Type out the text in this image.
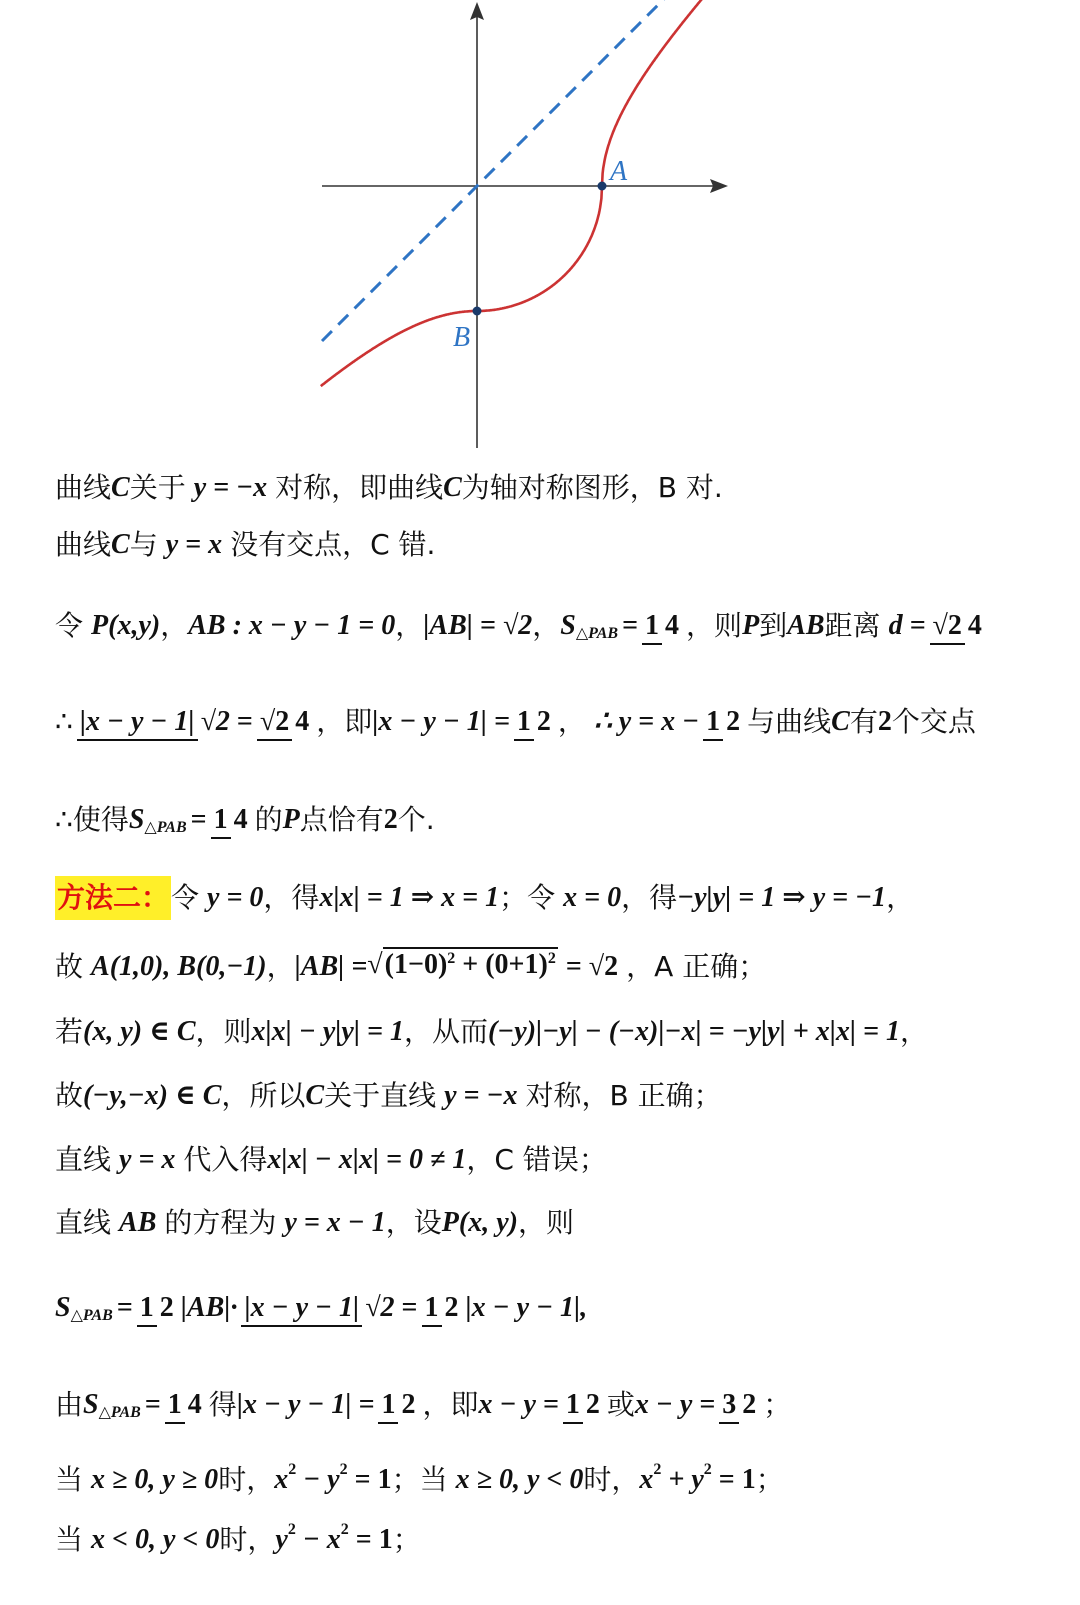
A
B
曲线 C 关于 y = −x 对称，即曲线 C 为轴对称图形，B 对.
曲线 C 与 y = x 没有交点，C 错.
令 P(x,y) ， AB : x − y − 1 = 0 ， |AB| = √2 ， S △PAB = 1 4 ，则 P 到 AB 距离 d = √2 4
∴ |x − y − 1| √2 = √2 4 ，即 |x − y − 1| = 1 2 ， ∴ y = x − 1 2 与曲线 C 有 2 个交点
∴使得 S △PAB = 1 4 的 P 点恰有 2 个.
方法二： 令 y = 0 ，得 x|x| = 1 ⇒ x = 1 ；令 x = 0 ，得 −y|y| = 1 ⇒ y = −1 ，
故 A(1,0), B(0,−1) ， $|AB| = √(1-0)^2 + (0+1)^2 = √2$ ，A 正确；
若 (x, y) ∈ C ，则 x|x| − y|y| = 1 ，从而 (−y)|−y| − (−x)|−x| = −y|y| + x|x| = 1 ，
故 (−y,−x) ∈ C ，所以 C 关于直线 y = −x 对称，B 正确；
直线 y = x 代入得 x|x| − x|x| = 0 ≠ 1 ，C 错误；
直线 AB 的方程为 y = x − 1 ，设 P(x, y) ，则
S △PAB = 1 2 |AB|· |x − y − 1| √2 = 1 2 |x − y − 1|,
由 S △PAB = 1 4 得 |x − y − 1| = 1 2 ，即 x − y = 1 2 或 x − y = 3 2 ；
当 x ≥ 0, y ≥ 0 时， x 2 − y 2 = 1 ；当 x ≥ 0, y < 0 时， x 2 + y 2 = 1 ；
当 x < 0, y < 0 时， y 2 − x 2 = 1 ；
